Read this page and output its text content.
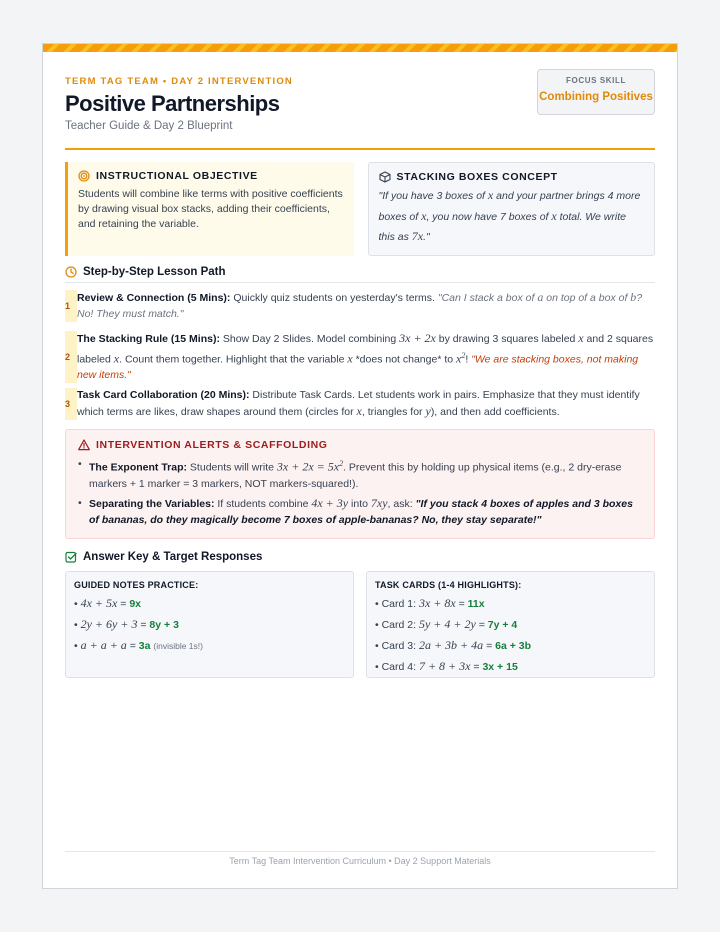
TERM TAG TEAM • DAY 2 INTERVENTION
Positive Partnerships
Teacher Guide & Day 2 Blueprint
FOCUS SKILL
Combining Positives
INSTRUCTIONAL OBJECTIVE

Students will combine like terms with positive coefficients by drawing visual box stacks, adding their coefficients, and retaining the variable.

STACKING BOXES CONCEPT

"If you have 3 boxes of x and your partner brings 4 more boxes of x, you now have 7 boxes of x total. We write this as 7x."

Step-by-Step Lesson Path
1
Review & Connection (5 Mins): Quickly quiz students on yesterday's terms. "Can I stack a box of a on top of a box of b? No! They must match."
2
The Stacking Rule (15 Mins): Show Day 2 Slides. Model combining 3x + 2x by drawing 3 squares labeled x and 2 squares labeled x. Count them together. Highlight that the variable x *does not change* to $x^2$! "We are stacking boxes, not making new items."
3
Task Card Collaboration (20 Mins): Distribute Task Cards. Let students work in pairs. Emphasize that they must identify which terms are likes, draw shapes around them (circles for x, triangles for y), and then add coefficients.
INTERVENTION ALERTS & SCAFFOLDING
• The Exponent Trap: Students will write $3x + 2x = 5x^2$. Prevent this by holding up physical items (e.g., 2 dry-erase markers + 1 marker = 3 markers, NOT markers-squared!).
• Separating the Variables: If students combine 4x + 3y into 7xy, ask: "If you stack 4 boxes of apples and 3 boxes of bananas, do they magically become 7 boxes of apple-bananas? No, they stay separate!"
Answer Key & Target Responses
GUIDED NOTES PRACTICE:
• 4x + 5x = 9x
• 2y + 6y + 3 = 8y + 3
• a + a + a = 3a (invisible 1s!)
TASK CARDS (1-4 HIGHLIGHTS):
• Card 1: 3x + 8x = 11x
• Card 2: 5y + 4 + 2y = 7y + 4
• Card 3: 2a + 3b + 4a = 6a + 3b
• Card 4: 7 + 8 + 3x = 3x + 15
Term Tag Team Intervention Curriculum • Day 2 Support Materials
